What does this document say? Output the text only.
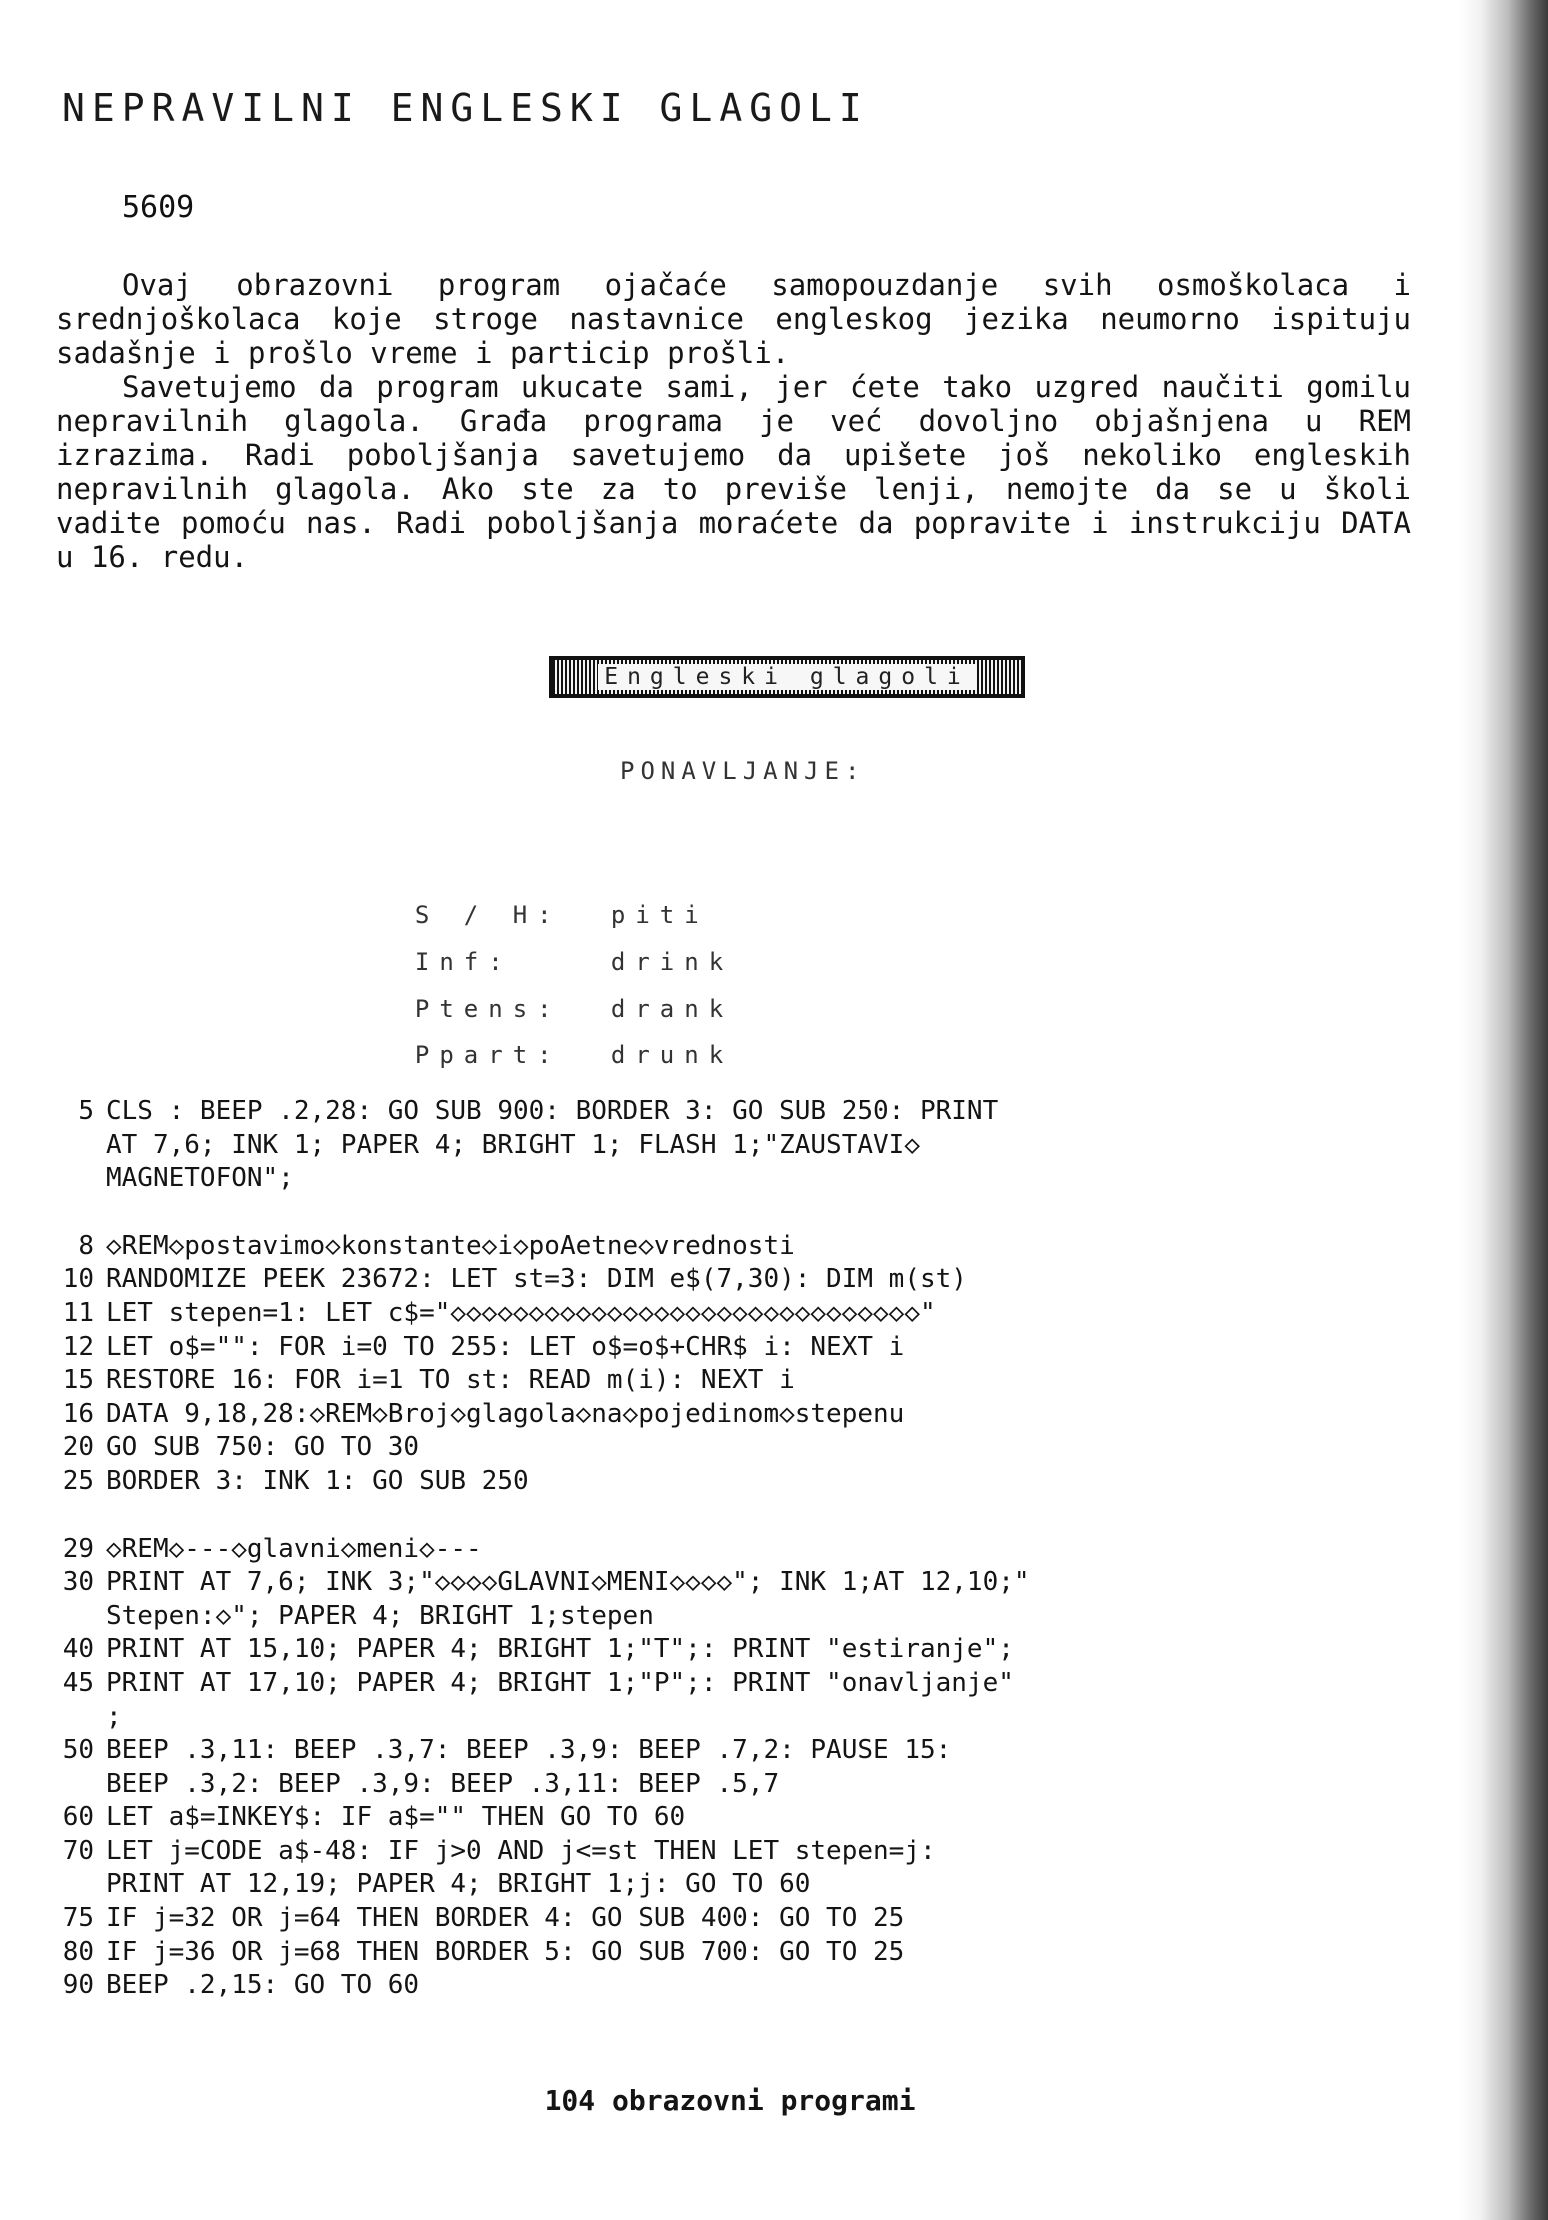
NEPRAVILNI ENGLESKI GLAGOLI
5609

Ovaj obrazovni program ojačaće samopouzdanje svih osmoškolaca i srednjoškolaca koje stroge nastavnice engleskog jezika neumorno ispituju sadašnje i prošlo vreme i particip prošli.

Savetujemo da program ukucate sami, jer ćete tako uzgred naučiti gomilu nepravilnih glagola. Građa programa je već dovoljno objašnjena u REM izrazima. Radi poboljšanja savetujemo da upišete još nekoliko engleskih nepravilnih glagola. Ako ste za to previše lenji, nemojte da se u školi vadite pomoću nas. Radi poboljšanja moraćete da popravite i instrukciju DATA u 16. redu.

Engleski glagoli
PONAVLJANJE:

S / H: piti

Inf:	drink

Ptens: drank

Ppart: drunk

5 CLS : BEEP .2,28: GO SUB 900: BORDER 3: GO SUB 250: PRINT
AT 7,6; INK 1; PAPER 4; BRIGHT 1; FLASH 1;"ZAUSTAVI◇
MAGNETOFON";
8 ◇REM◇postavimo◇konstante◇i◇poAetne◇vrednosti
10 RANDOMIZE PEEK 23672: LET st=3: DIM e$(7,30): DIM m(st)
11 LET stepen=1: LET c$="◇◇◇◇◇◇◇◇◇◇◇◇◇◇◇◇◇◇◇◇◇◇◇◇◇◇◇◇◇◇"
12 LET o$="": FOR i=0 TO 255: LET o$=o$+CHR$ i: NEXT i
15 RESTORE 16: FOR i=1 TO st: READ m(i): NEXT i
16 DATA 9,18,28:◇REM◇Broj◇glagola◇na◇pojedinom◇stepenu
20 GO SUB 750: GO TO 30
25 BORDER 3: INK 1: GO SUB 250
29 ◇REM◇---◇glavni◇meni◇---
30 PRINT AT 7,6; INK 3;"◇◇◇◇GLAVNI◇MENI◇◇◇◇"; INK 1;AT 12,10;"
Stepen:◇"; PAPER 4; BRIGHT 1;stepen
40 PRINT AT 15,10; PAPER 4; BRIGHT 1;"T";: PRINT "estiranje";
45 PRINT AT 17,10; PAPER 4; BRIGHT 1;"P";: PRINT "onavljanje"
;
50 BEEP .3,11: BEEP .3,7: BEEP .3,9: BEEP .7,2: PAUSE 15:
BEEP .3,2: BEEP .3,9: BEEP .3,11: BEEP .5,7
60 LET a$=INKEY$: IF a$="" THEN GO TO 60
70 LET j=CODE a$-48: IF j>0 AND j<=st THEN LET stepen=j:
PRINT AT 12,19; PAPER 4; BRIGHT 1;j: GO TO 60
75 IF j=32 OR j=64 THEN BORDER 4: GO SUB 400: GO TO 25
80 IF j=36 OR j=68 THEN BORDER 5: GO SUB 700: GO TO 25
90 BEEP .2,15: GO TO 60
104 obrazovni programi
